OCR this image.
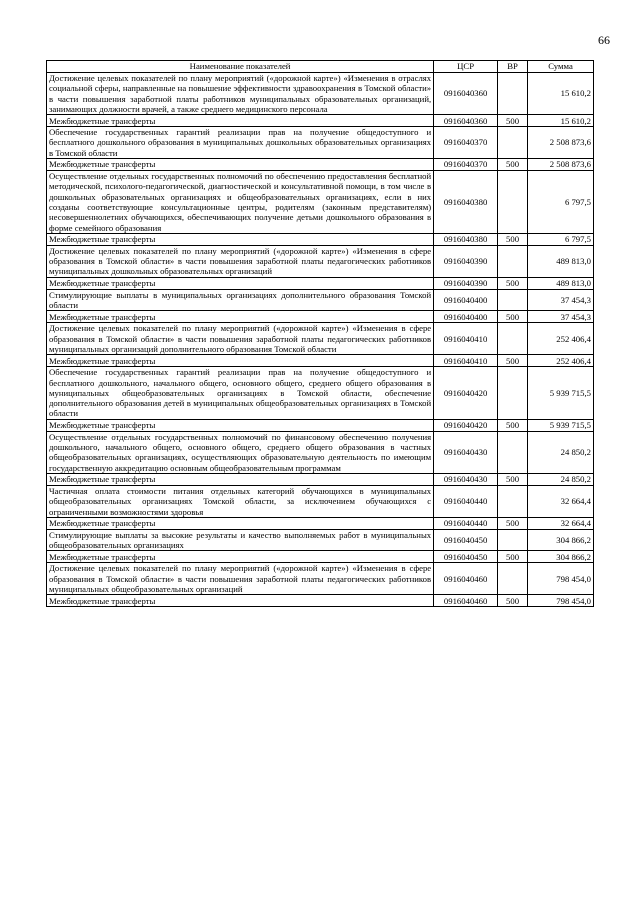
66
Наименование показателей	ЦСР	ВР	Сумма
Достижение целевых показателей по плану мероприятий («дорожной карте») «Изменения в отраслях социальной сферы, направленные на повышение эффективности здравоохранения в Томской области» в части повышения заработной платы работников муниципальных образовательных организаций, занимающих должности врачей, а также среднего медицинского персонала	0916040360		15 610,2
Межбюджетные трансферты	0916040360	500	15 610,2
Обеспечение государственных гарантий реализации прав на получение общедоступного и бесплатного дошкольного образования в муниципальных дошкольных образовательных организациях в Томской области	0916040370		2 508 873,6
Межбюджетные трансферты	0916040370	500	2 508 873,6
Осуществление отдельных государственных полномочий по обеспечению предоставления бесплатной методической, психолого-педагогической, диагностической и консультативной помощи, в том числе в дошкольных образовательных организациях и общеобразовательных организациях, если в них созданы соответствующие консультационные центры, родителям (законным представителям) несовершеннолетних обучающихся, обеспечивающих получение детьми дошкольного образования в форме семейного образования	0916040380		6 797,5
Межбюджетные трансферты	0916040380	500	6 797,5
Достижение целевых показателей по плану мероприятий («дорожной карте») «Изменения в сфере образования в Томской области» в части повышения заработной платы педагогических работников муниципальных дошкольных образовательных организаций	0916040390		489 813,0
Межбюджетные трансферты	0916040390	500	489 813,0
Стимулирующие выплаты в муниципальных организациях дополнительного образования Томской области	0916040400		37 454,3
Межбюджетные трансферты	0916040400	500	37 454,3
Достижение целевых показателей по плану мероприятий («дорожной карте») «Изменения в сфере образования в Томской области» в части повышения заработной платы педагогических работников муниципальных организаций дополнительного образования Томской области	0916040410		252 406,4
Межбюджетные трансферты	0916040410	500	252 406,4
Обеспечение государственных гарантий реализации прав на получение общедоступного и бесплатного дошкольного, начального общего, основного общего, среднего общего образования в муниципальных общеобразовательных организациях в Томской области, обеспечение дополнительного образования детей в муниципальных общеобразовательных организациях в Томской области	0916040420		5 939 715,5
Межбюджетные трансферты	0916040420	500	5 939 715,5
Осуществление отдельных государственных полномочий по финансовому обеспечению получения дошкольного, начального общего, основного общего, среднего общего образования в частных общеобразовательных организациях, осуществляющих образовательную деятельность по имеющим государственную аккредитацию основным общеобразовательным программам	0916040430		24 850,2
Межбюджетные трансферты	0916040430	500	24 850,2
Частичная оплата стоимости питания отдельных категорий обучающихся в муниципальных общеобразовательных организациях Томской области, за исключением обучающихся с ограниченными возможностями здоровья	0916040440		32 664,4
Межбюджетные трансферты	0916040440	500	32 664,4
Стимулирующие выплаты за высокие результаты и качество выполняемых работ в муниципальных общеобразовательных организациях	0916040450		304 866,2
Межбюджетные трансферты	0916040450	500	304 866,2
Достижение целевых показателей по плану мероприятий («дорожной карте») «Изменения в сфере образования в Томской области» в части повышения заработной платы педагогических работников муниципальных общеобразовательных организаций	0916040460		798 454,0
Межбюджетные трансферты	0916040460	500	798 454,0
